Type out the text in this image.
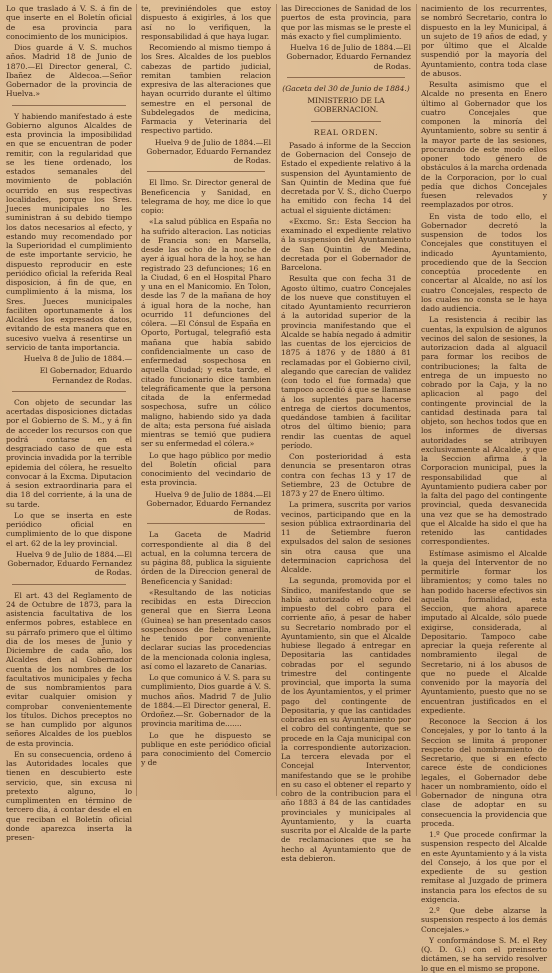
Lo que traslado á V. S. á fin de que inserte en el Boletín oficial de esa provincia para conocimiento de los municipios.

Dios guarde á V. S. muchos años. Madrid 18 de Junio de 1870.—El Director general, C. Ibañez de Aldecoa.—Señor Gobernador de la provincia de Huelva.»

Y habiendo manifestado á este Gobierno algunos Alcaldes de esta provincia la imposibilidad en que se encuentran de poder remitir, con la regularidad que se les tiene ordenado, los estados semanales del movimiento de población ocurrido en sus respectivas localidades, porque los Sres. Jueces municipales no les suministran á su debido tiempo los datos necesarios al efecto, y estando muy recomendado por la Superioridad el cumplimiento de este importante servicio, he dispuesto reproducir en este periódico oficial la referida Real disposicion, á fin de que, en cumplimiento á la misma, los Sres. Jueces municipales faciliten oportunamente á los Alcaldes los expresados datos, evitando de esta manera que en sucesivo vuelva á resentirse un servicio de tanta importancia.

Huelva 8 de Julio de 1884.—

El Gobernador, Eduardo Fernandez de Rodas.

Con objeto de secundar las acertadas disposiciones dictadas por el Gobierno de S. M., y á fin de acceder los recursos con que podrá contarse en el desgraciado caso de que esta provincia invadida por la terrible epidemia del cólera, he resuelto convocar á la Excma. Diputacion á sesion extraordinaria para el dia 18 del corriente, á la una de su tarde.

Lo que se inserta en este periódico oficial en cumplimiento de lo que dispone el art. 62 de la ley provincial.

Huelva 9 de Julio de 1884.—El Gobernador, Eduardo Fernandez de Rodas.

El art. 43 del Reglamento de 24 de Octubre de 1873, para la asistencia facultativa de los enfermos pobres, establece en su párrafo primero que el último dia de los meses de Junio y Diciembre de cada año, los Alcaldes den al Gobernador cuenta de los nombres de los facultativos municipales y fecha de sus nombramientos para evitar cualquier omision y comprobar convenientemente los títulos. Dichos preceptos no se han cumplido por algunos señores Alcaldes de los pueblos de esta provincia.

En su consecuencia, ordeno á las Autoridades locales que tienen en descubierto este servicio, que, sin excusa ni pretexto alguno, lo cumplimenten en término de tercero dia, á contar desde el en que reciban el Boletín oficial donde aparezca inserta la presen-

te, previniéndoles que estoy dispuesto á exigirles, á los que así no lo verifiquen, la responsabilidad á que haya lugar.

Recomiendo al mismo tiempo á los Sres. Alcaldes de los pueblos cabezas de partido judicial, remitan tambien relacion expresiva de las alteraciones que hayan ocurrido durante el último semestre en el personal de Subdelegados de medicina, Farmacia y Veterinaria del respectivo partido.

Huelva 9 de Julio de 1884.—El Gobernador, Eduardo Fernandez de Rodas.

El Ilmo. Sr. Director general de Beneficencia y Sanidad, en telegrama de hoy, me dice lo que copio:

«La salud pública en España no ha sufrido alteracion. Las noticias de Francia son: en Marsella, desde las ocho de la noche de ayer á igual hora de la hoy, se han registrado 23 defunciones; 16 en la Ciudad, 6 en el Hospital Pharo y una en el Manicomio. En Tolon, desde las 7 de la mañana de hoy á igual hora de la noche, han ocurrido 11 defunciones del cólera. —El Cónsul de España en Oporto, Portugal, telegrafió esta mañana que había sabido confidencialmente un caso de enfermedad sospechosa en aquella Ciudad; y esta tarde, el citado funcionario dice tambien telegráficamente que la persona citada de la enfermedad sospechosa, sufre un cólico maligno, habiendo sido ya dada de alta; esta persona fué aislada mientras se temió que pudiera ser su enfermedad el cólera.»

Lo que hago público por medio del Boletín oficial para conocimiento del vecindario de esta provincia.

Huelva 9 de Julio de 1884.—El Gobernador, Eduardo Fernandez de Rodas.

La Gaceta de Madrid correspondiente al dia 8 del actual, en la columna tercera de su página 88, publica la siguiente órden de la Direccion general de Beneficencia y Sanidad:

«Resultando de las noticias recibidas en esta Direccion general que en Sierra Leona (Guinea) se han presentado casos sospechosos de fiebre amarilla, he tenido por conveniente declarar sucias las procedencias de la mencionada colonia inglesa, así como el lazareto de Canarias.

Lo que comunico á V. S. para su cumplimiento, Dios guarde á V. S. muchos años. Madrid 7 de Julio de 1884.—El Director general, E. Ordoñez.—Sr. Gobernador de la provincia marítima de.......

Lo que he dispuesto se publique en este periódico oficial para conocimiento del Comercio y de

las Direcciones de Sanidad de los puertos de esta provincia, para que por las mismas se le preste el más exacto y fiel cumplimiento.

Huelva 16 de Julio de 1884.—El Gobernador, Eduardo Fernandez de Rodas.

(Gaceta del 30 de Junio de 1884.)

MINISTERIO DE LA GOBERNACION.

REAL ORDEN.

Pasado á informe de la Seccion de Gobernacion del Consejo de Estado el expediente relativo á la suspension del Ayuntamiento de San Quintin de Medina que fué decretada por V. S., dicho Cuerpo ha emitido con fecha 14 del actual el siguiente dictámen:

«Excmo. Sr.: Esta Seccion ha examinado el expediente relativo á la suspension del Ayuntamiento de San Quintin de Medina, decretada por el Gobernador de Barcelona.

Resulta que con fecha 31 de Agosto último, cuatro Concejales de los nueve que constituyen el citado Ayuntamiento recurrieron á la autoridad superior de la provincia manifestando que el Alcalde se había negado á admitir las cuentas de los ejercicios de 1875 á 1876 y de 1880 á 81 reclamadas por el Gobierno civil, alegando que carecían de validez (con todo el fue formada) que tampoco accedió á que se llamase á los suplentes para hacerse entrega de ciertos documentos, quedándose tambien á facilitar otros del último bienio; para rendir las cuentas de aquel período.

Con posterioridad á esta denuncia se presentaron otras contra con fechas 13 y 17 de Setiembre, 23 de Octubre de 1873 y 27 de Enero último.

La primera, suscrita por varios vecinos, participando que en la sesion pública extraordinaria del 11 de Setiembre fueron expulsados del salon de sesiones sin otra causa que una determinacion caprichosa del Alcalde.

La segunda, promovida por el Síndico, manifestando que se había autorizado el cobro del impuesto del cobro para el corriente año, á pesar de haber su Secretario nombrado por el Ayuntamiento, sin que el Alcalde hubiese llegado á entregar en Depositaria las cantidades cobradas por el segundo trimestre del contingente provincial, que importa la suma de los Ayuntamientos, y el primer pago del contingente de Depositaria, y que las cantidades cobradas en su Ayuntamiento por el cobro del contingente, que se procede en la Caja municipal con la correspondiente autorizacion. La tercera elevada por el Concejal Interventor, manifestando que se le prohibe en su caso el obtener el reparto y cobro de la contribucion para el año 1883 á 84 de las cantidades provinciales y municipales al Ayuntamiento, y la cuarta suscrita por el Alcalde de la parte de reclamaciones que se ha hecho al Ayuntamiento que de esta debieron.

nacimiento de los recurrentes, se nombró Secretario, contra lo dispuesto en la ley Municipal, á un sujeto de 19 años de edad, y por último que el Alcalde suspendió por la mayoría del Ayuntamiento, contra toda clase de abusos.

Resulta asimismo que el Alcalde no presenta en Enero último al Gobernador que los cuatro Concejales que componen la minoría del Ayuntamiento, sobre su sentir á la mayor parte de las sesiones, procurando de este modo ellos oponer todo género de obstáculos á la marcha ordenada de la Corporacion, por lo cual pedía que dichos Concejales fuesen relevados y reemplazados por otros.

En vista de todo ello, el Gobernador decretó la suspension de todos los Concejales que constituyen el indicado Ayuntamiento, procediendo que de la Seccion conceptúa procedente en concertar al Alcalde, no así los cuatro Concejales, respecto de los cuales no consta se le haya dado audiencia.

La resistencia á recibir las cuentas, la expulsion de algunos vecinos del salon de sesiones, la autorizacion dada al alguacil para formar los recibos de contribuciones; la falta de entrega de un impuesto no cobrado por la Caja, y la no aplicacion al pago del contingente provincial de la cantidad destinada para tal objeto, son hechos todos que en los informes de diversas autoridades se atribuyen exclusivamente al Alcalde, y que la Seccion afirma á la Corporacion municipal, pues la responsabilidad que al Ayuntamiento pudiera caber por la falta del pago del contingente provincial, queda desvanecida una vez que se ha demostrado que el Alcalde ha sido el que ha retenido las cantidades correspondientes.

Estímase asimismo el Alcalde la queja del Interventor de no permitirle formar los libramientos; y como tales no han podido hacerse efectivos sin aquella formalidad, esta Seccion, que ahora aparece imputado al Alcalde, sólo puede exigirse, considerada, al Depositario. Tampoco cabe apreciar la queja referente al nombramiento ilegal de Secretario, ni á los abusos de que no puede el Alcalde convenido por la mayoría del Ayuntamiento, puesto que no se encuentran justificados en el expediente.

Reconoce la Seccion á los Concejales, y por lo tanto á la Seccion se limita á proponer respecto del nombramiento de Secretario, que si en efecto carece éste de condiciones legales, el Gobernador debe hacer un nombramiento, oído el Gobernador de ninguna otra clase de adoptar en su consecuencia la providencia que proceda.

1.º Que procede confirmar la suspension respecto del Alcalde en este Ayuntamiento y á la vista del Consejo, á los que por el expediente de su gestion remítase al Juzgado de primera instancia para los efectos de su exigencia.

2.º Que debe alzarse la suspension respecto á los demás Concejales.»

Y conformándose S. M. el Rey (Q. D. G.) con el preinserto dictámen, se ha servido resolver lo que en el mismo se propone.
